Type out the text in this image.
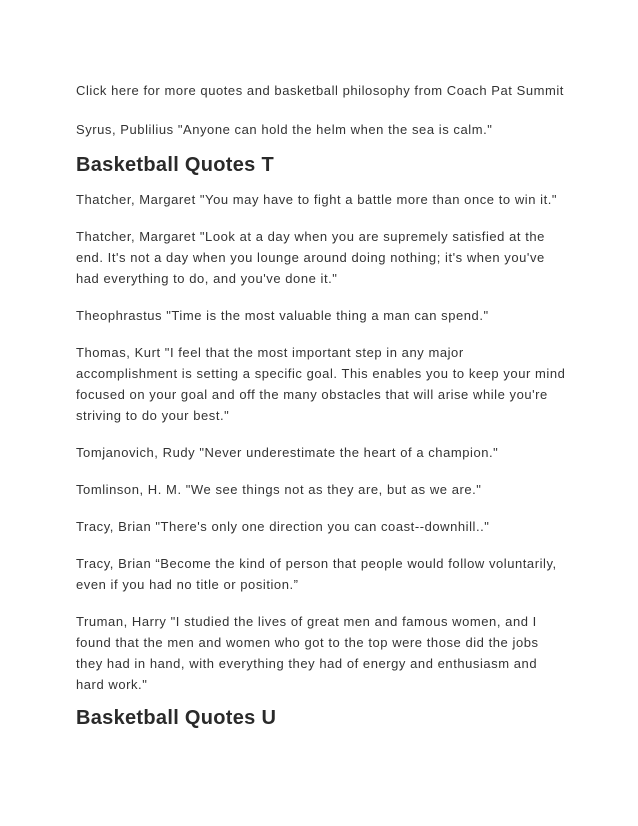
Click here for more quotes and basketball philosophy from Coach Pat Summit

Syrus, Publilius "Anyone can hold the helm when the sea is calm."

Basketball Quotes T

Thatcher, Margaret "You may have to fight a battle more than once to win it."

Thatcher, Margaret "Look at a day when you are supremely satisfied at the end. It's not a day when you lounge around doing nothing; it's when you've had everything to do, and you've done it."

Theophrastus "Time is the most valuable thing a man can spend."

Thomas, Kurt "I feel that the most important step in any major accomplishment is setting a specific goal. This enables you to keep your mind focused on your goal and off the many obstacles that will arise while you're striving to do your best."

Tomjanovich, Rudy "Never underestimate the heart of a champion."

Tomlinson, H. M. "We see things not as they are, but as we are."

Tracy, Brian "There's only one direction you can coast--downhill.."

Tracy, Brian “Become the kind of person that people would follow voluntarily, even if you had no title or position.”

Truman, Harry "I studied the lives of great men and famous women, and I found that the men and women who got to the top were those did the jobs they had in hand, with everything they had of energy and enthusiasm and hard work."

Basketball Quotes U
